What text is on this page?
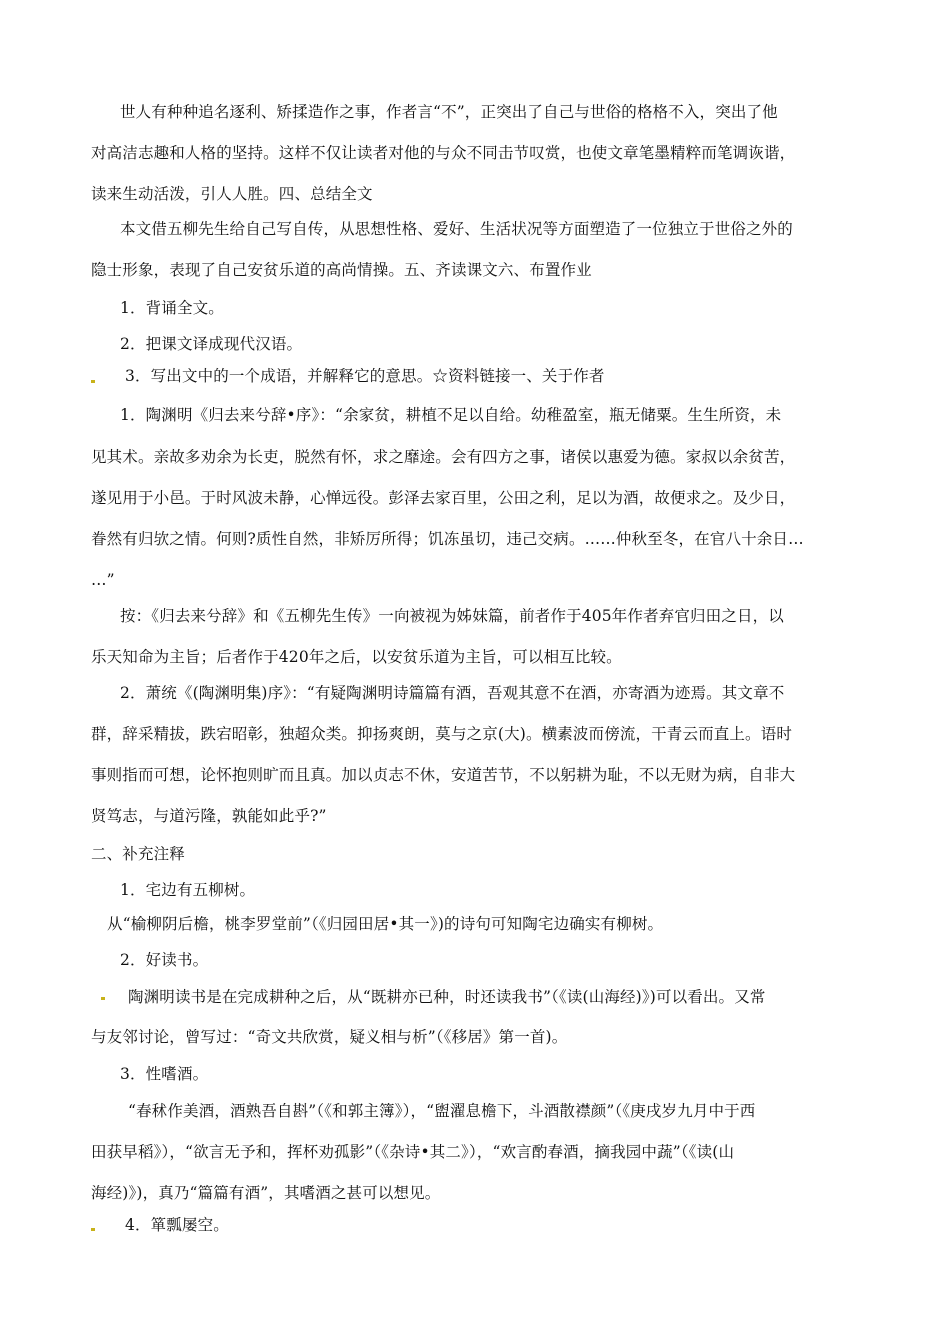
世人有种种追名逐利、矫揉造作之事，作者言“不”，正突出了自己与世俗的格格不入，突出了他
对高洁志趣和人格的坚持。这样不仅让读者对他的与众不同击节叹赏，也使文章笔墨精粹而笔调诙谐，
读来生动活泼，引人人胜。四、总结全文
本文借五柳先生给自己写自传，从思想性格、爱好、生活状况等方面塑造了一位独立于世俗之外的
隐士形象，表现了自己安贫乐道的高尚情操。五、齐读课文六、布置作业
1．背诵全文。
2．把课文译成现代汉语。
3．写出文中的一个成语，并解释它的意思。☆资料链接一、关于作者
1．陶渊明《归去来兮辞•序》：“余家贫，耕植不足以自给。幼稚盈室，瓶无储粟。生生所资，未
见其术。亲故多劝余为长吏，脱然有怀，求之靡途。会有四方之事，诸侯以惠爱为德。家叔以余贫苦，
遂见用于小邑。于时风波未静，心惮远役。彭泽去家百里，公田之利，足以为酒，故便求之。及少日，
眷然有归欤之情。何则?质性自然，非矫厉所得；饥冻虽切，违己交病。……仲秋至冬，在官八十余日…
…”
按：《归去来兮辞》和《五柳先生传》一向被视为姊妹篇，前者作于405年作者弃官归田之日，以
乐天知命为主旨；后者作于420年之后，以安贫乐道为主旨，可以相互比较。
2．萧统《(陶渊明集)序》：“有疑陶渊明诗篇篇有酒，吾观其意不在酒，亦寄酒为迹焉。其文章不
群，辞采精拔，跌宕昭彰，独超众类。抑扬爽朗，莫与之京(大)。横素波而傍流，干青云而直上。语时
事则指而可想，论怀抱则旷而且真。加以贞志不休，安道苦节，不以躬耕为耻，不以无财为病，自非大
贤笃志，与道污隆，孰能如此乎?”
二、补充注释
1．宅边有五柳树。
从“榆柳阴后檐，桃李罗堂前”（《归园田居•其一》)的诗句可知陶宅边确实有柳树。
2．好读书。
陶渊明读书是在完成耕种之后，从“既耕亦已种，时还读我书”（《读(山海经)》)可以看出。又常
与友邻讨论，曾写过：“奇文共欣赏，疑义相与析”（《移居》第一首)。
3．性嗜酒。
“春秫作美酒，酒熟吾自斟”（《和郭主簿》），“盥濯息檐下，斗酒散襟颜”（《庚戌岁九月中于西
田获早稻》），“欲言无予和，挥杯劝孤影”（《杂诗•其二》），“欢言酌春酒，摘我园中蔬”（《读(山
海经)》)，真乃“篇篇有酒”，其嗜酒之甚可以想见。
4．箪瓢屡空。
